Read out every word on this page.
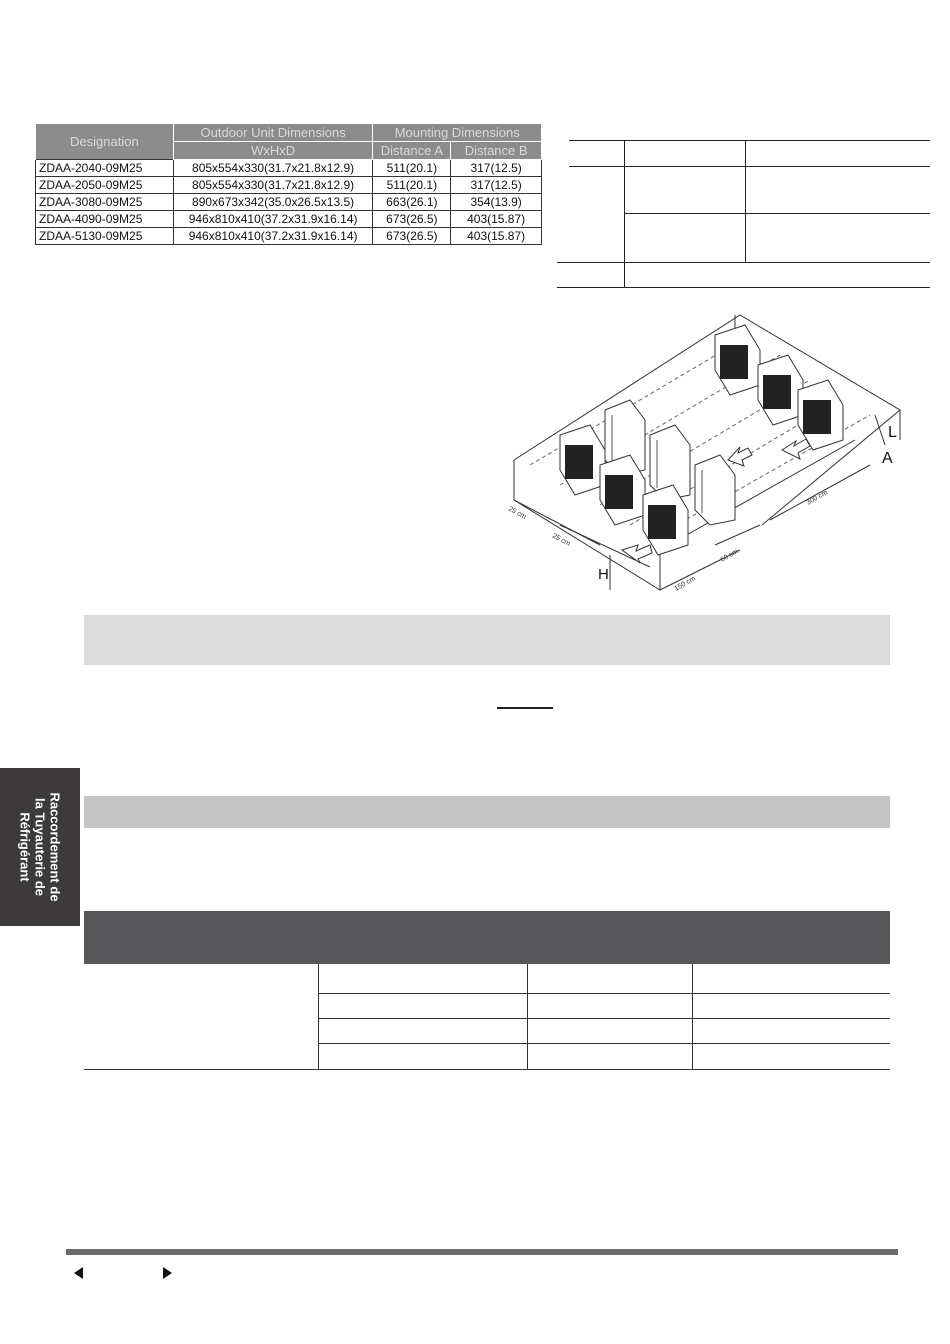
Designation	Outdoor Unit Dimensions	Mounting Dimensions	
	WxHxD	Distance A	Distance B
ZDAA-2040-09M25	805x554x330(31.7x21.8x12.9)	511(20.1)	317(12.5)
ZDAA-2050-09M25	805x554x330(31.7x21.8x12.9)	511(20.1)	317(12.5)
ZDAA-3080-09M25	890x673x342(35.0x26.5x13.5)	663(26.1)	354(13.9)
ZDAA-4090-09M25	946x810x410(37.2x31.9x16.14)	673(26.5)	403(15.87)
ZDAA-5130-09M25	946x810x410(37.2x31.9x16.14)	673(26.5)	403(15.87)
L
A
H
25 cm
25 cm
300 cm
60 cm
150 cm
Raccordement de
la Tuyauterie de
Réfrigérant
